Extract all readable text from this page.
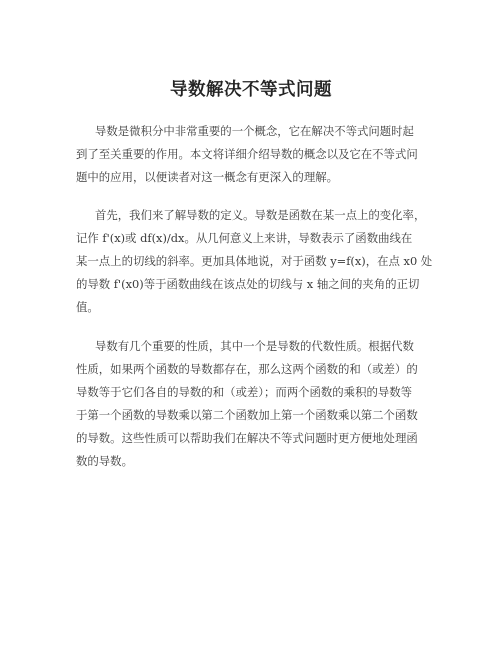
导数解决不等式问题
导数是微积分中非常重要的一个概念，它在解决不等式问题时起
到了至关重要的作用。本文将详细介绍导数的概念以及它在不等式问
题中的应用，以便读者对这一概念有更深入的理解。
首先，我们来了解导数的定义。导数是函数在某一点上的变化率，
记作 f'(x)或 df(x)/dx。从几何意义上来讲，导数表示了函数曲线在
某一点上的切线的斜率。更加具体地说，对于函数 y=f(x)，在点 x0 处
的导数 f'(x0)等于函数曲线在该点处的切线与 x 轴之间的夹角的正切
值。
导数有几个重要的性质，其中一个是导数的代数性质。根据代数
性质，如果两个函数的导数都存在，那么这两个函数的和（或差）的
导数等于它们各自的导数的和（或差）；而两个函数的乘积的导数等
于第一个函数的导数乘以第二个函数加上第一个函数乘以第二个函数
的导数。这些性质可以帮助我们在解决不等式问题时更方便地处理函
数的导数。
